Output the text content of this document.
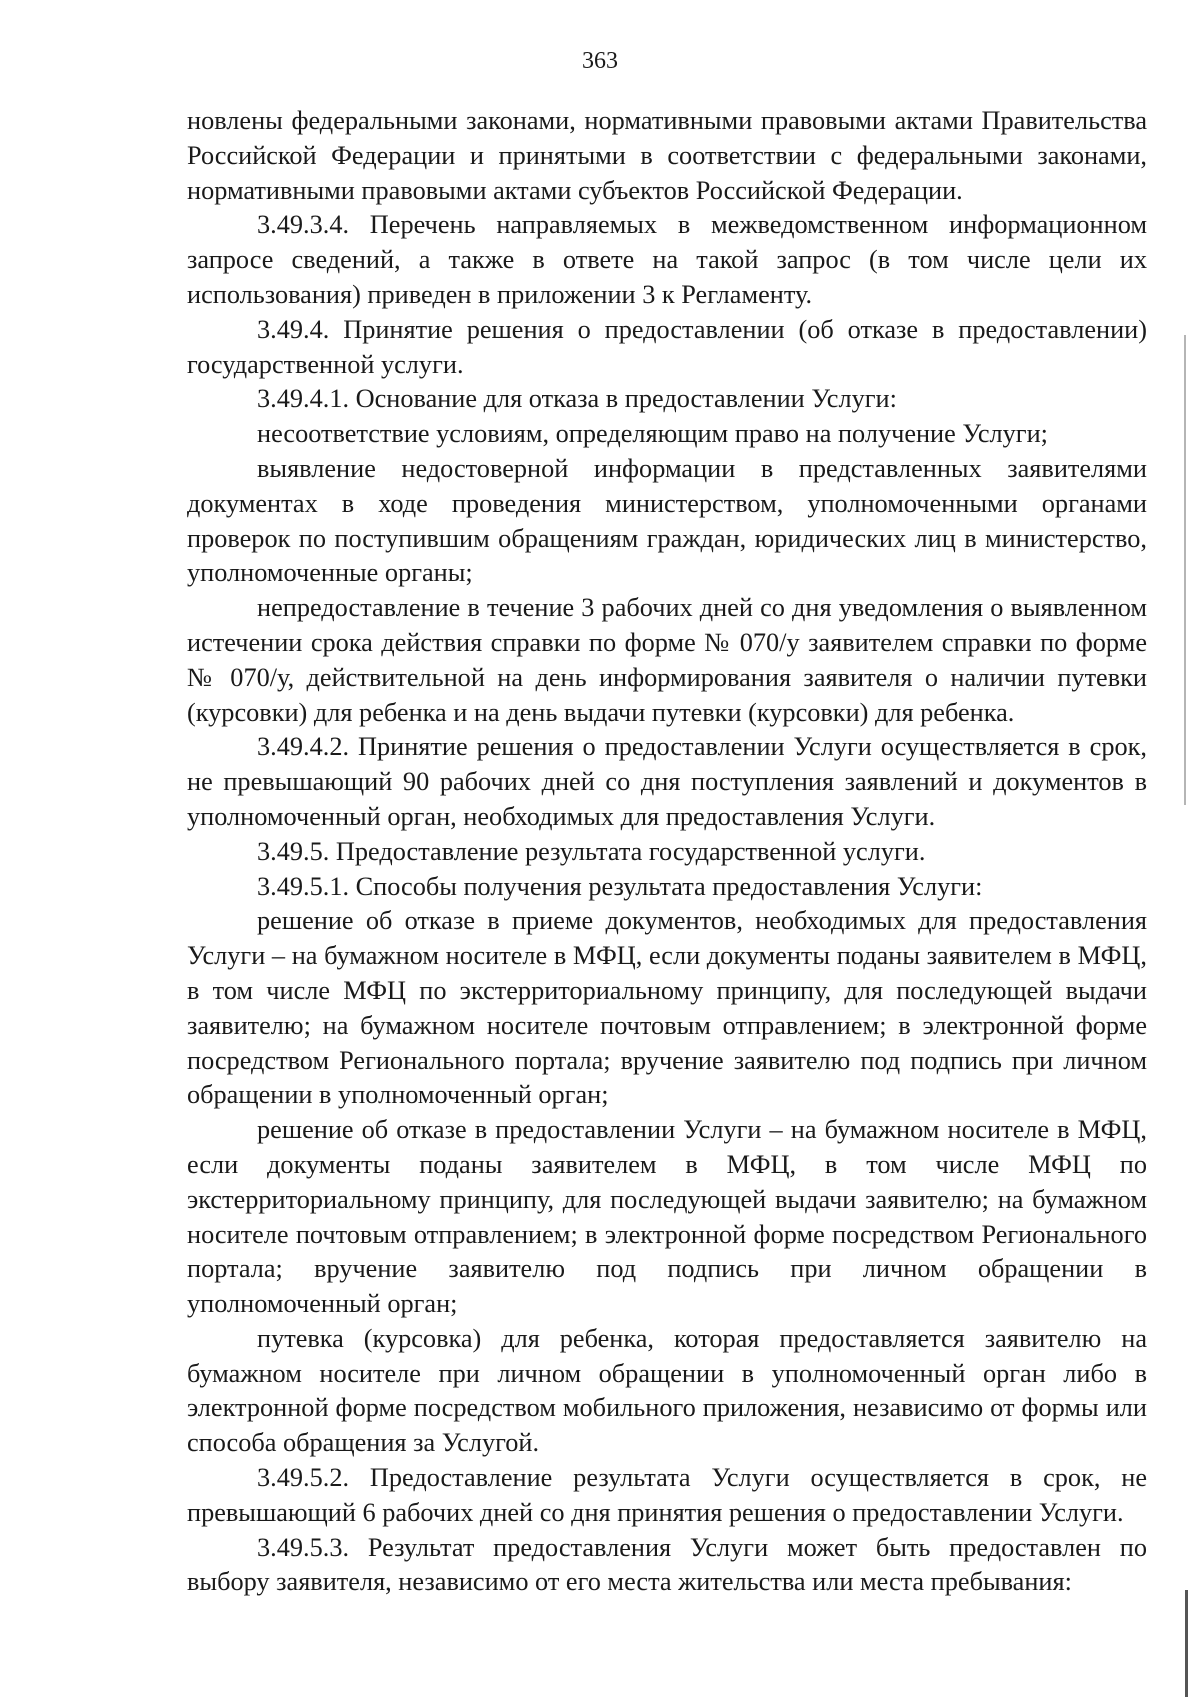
363

новлены федеральными законами, нормативными правовыми актами Правительства Российской Федерации и принятыми в соответствии с федеральными законами, нормативными правовыми актами субъектов Российской Федерации.

3.49.3.4. Перечень направляемых в межведомственном информационном запросе сведений, а также в ответе на такой запрос (в том числе цели их использования) приведен в приложении 3 к Регламенту.

3.49.4. Принятие решения о предоставлении (об отказе в предоставлении) государственной услуги.

3.49.4.1. Основание для отказа в предоставлении Услуги:

несоответствие условиям, определяющим право на получение Услуги;

выявление недостоверной информации в представленных заявителями документах в ходе проведения министерством, уполномоченными органами проверок по поступившим обращениям граждан, юридических лиц в министерство, уполномоченные органы;

непредоставление в течение 3 рабочих дней со дня уведомления о выявленном истечении срока действия справки по форме № 070/у заявителем справки по форме № 070/у, действительной на день информирования заявителя о наличии путевки (курсовки) для ребенка и на день выдачи путевки (курсовки) для ребенка.

3.49.4.2. Принятие решения о предоставлении Услуги осуществляется в срок, не превышающий 90 рабочих дней со дня поступления заявлений и документов в уполномоченный орган, необходимых для предоставления Услуги.

3.49.5. Предоставление результата государственной услуги.

3.49.5.1. Способы получения результата предоставления Услуги:

решение об отказе в приеме документов, необходимых для предоставления Услуги – на бумажном носителе в МФЦ, если документы поданы заявителем в МФЦ, в том числе МФЦ по экстерриториальному принципу, для последующей выдачи заявителю; на бумажном носителе почтовым отправлением; в электронной форме посредством Регионального портала; вручение заявителю под подпись при личном обращении в уполномоченный орган;

решение об отказе в предоставлении Услуги – на бумажном носителе в МФЦ, если документы поданы заявителем в МФЦ, в том числе МФЦ по экстерриториальному принципу, для последующей выдачи заявителю; на бумажном носителе почтовым отправлением; в электронной форме посредством Регионального портала; вручение заявителю под подпись при личном обращении в уполномоченный орган;

путевка (курсовка) для ребенка, которая предоставляется заявителю на бумажном носителе при личном обращении в уполномоченный орган либо в электронной форме посредством мобильного приложения, независимо от формы или способа обращения за Услугой.

3.49.5.2. Предоставление результата Услуги осуществляется в срок, не превышающий 6 рабочих дней со дня принятия решения о предоставлении Услуги.

3.49.5.3. Результат предоставления Услуги может быть предоставлен по выбору заявителя, независимо от его места жительства или места пребывания:
